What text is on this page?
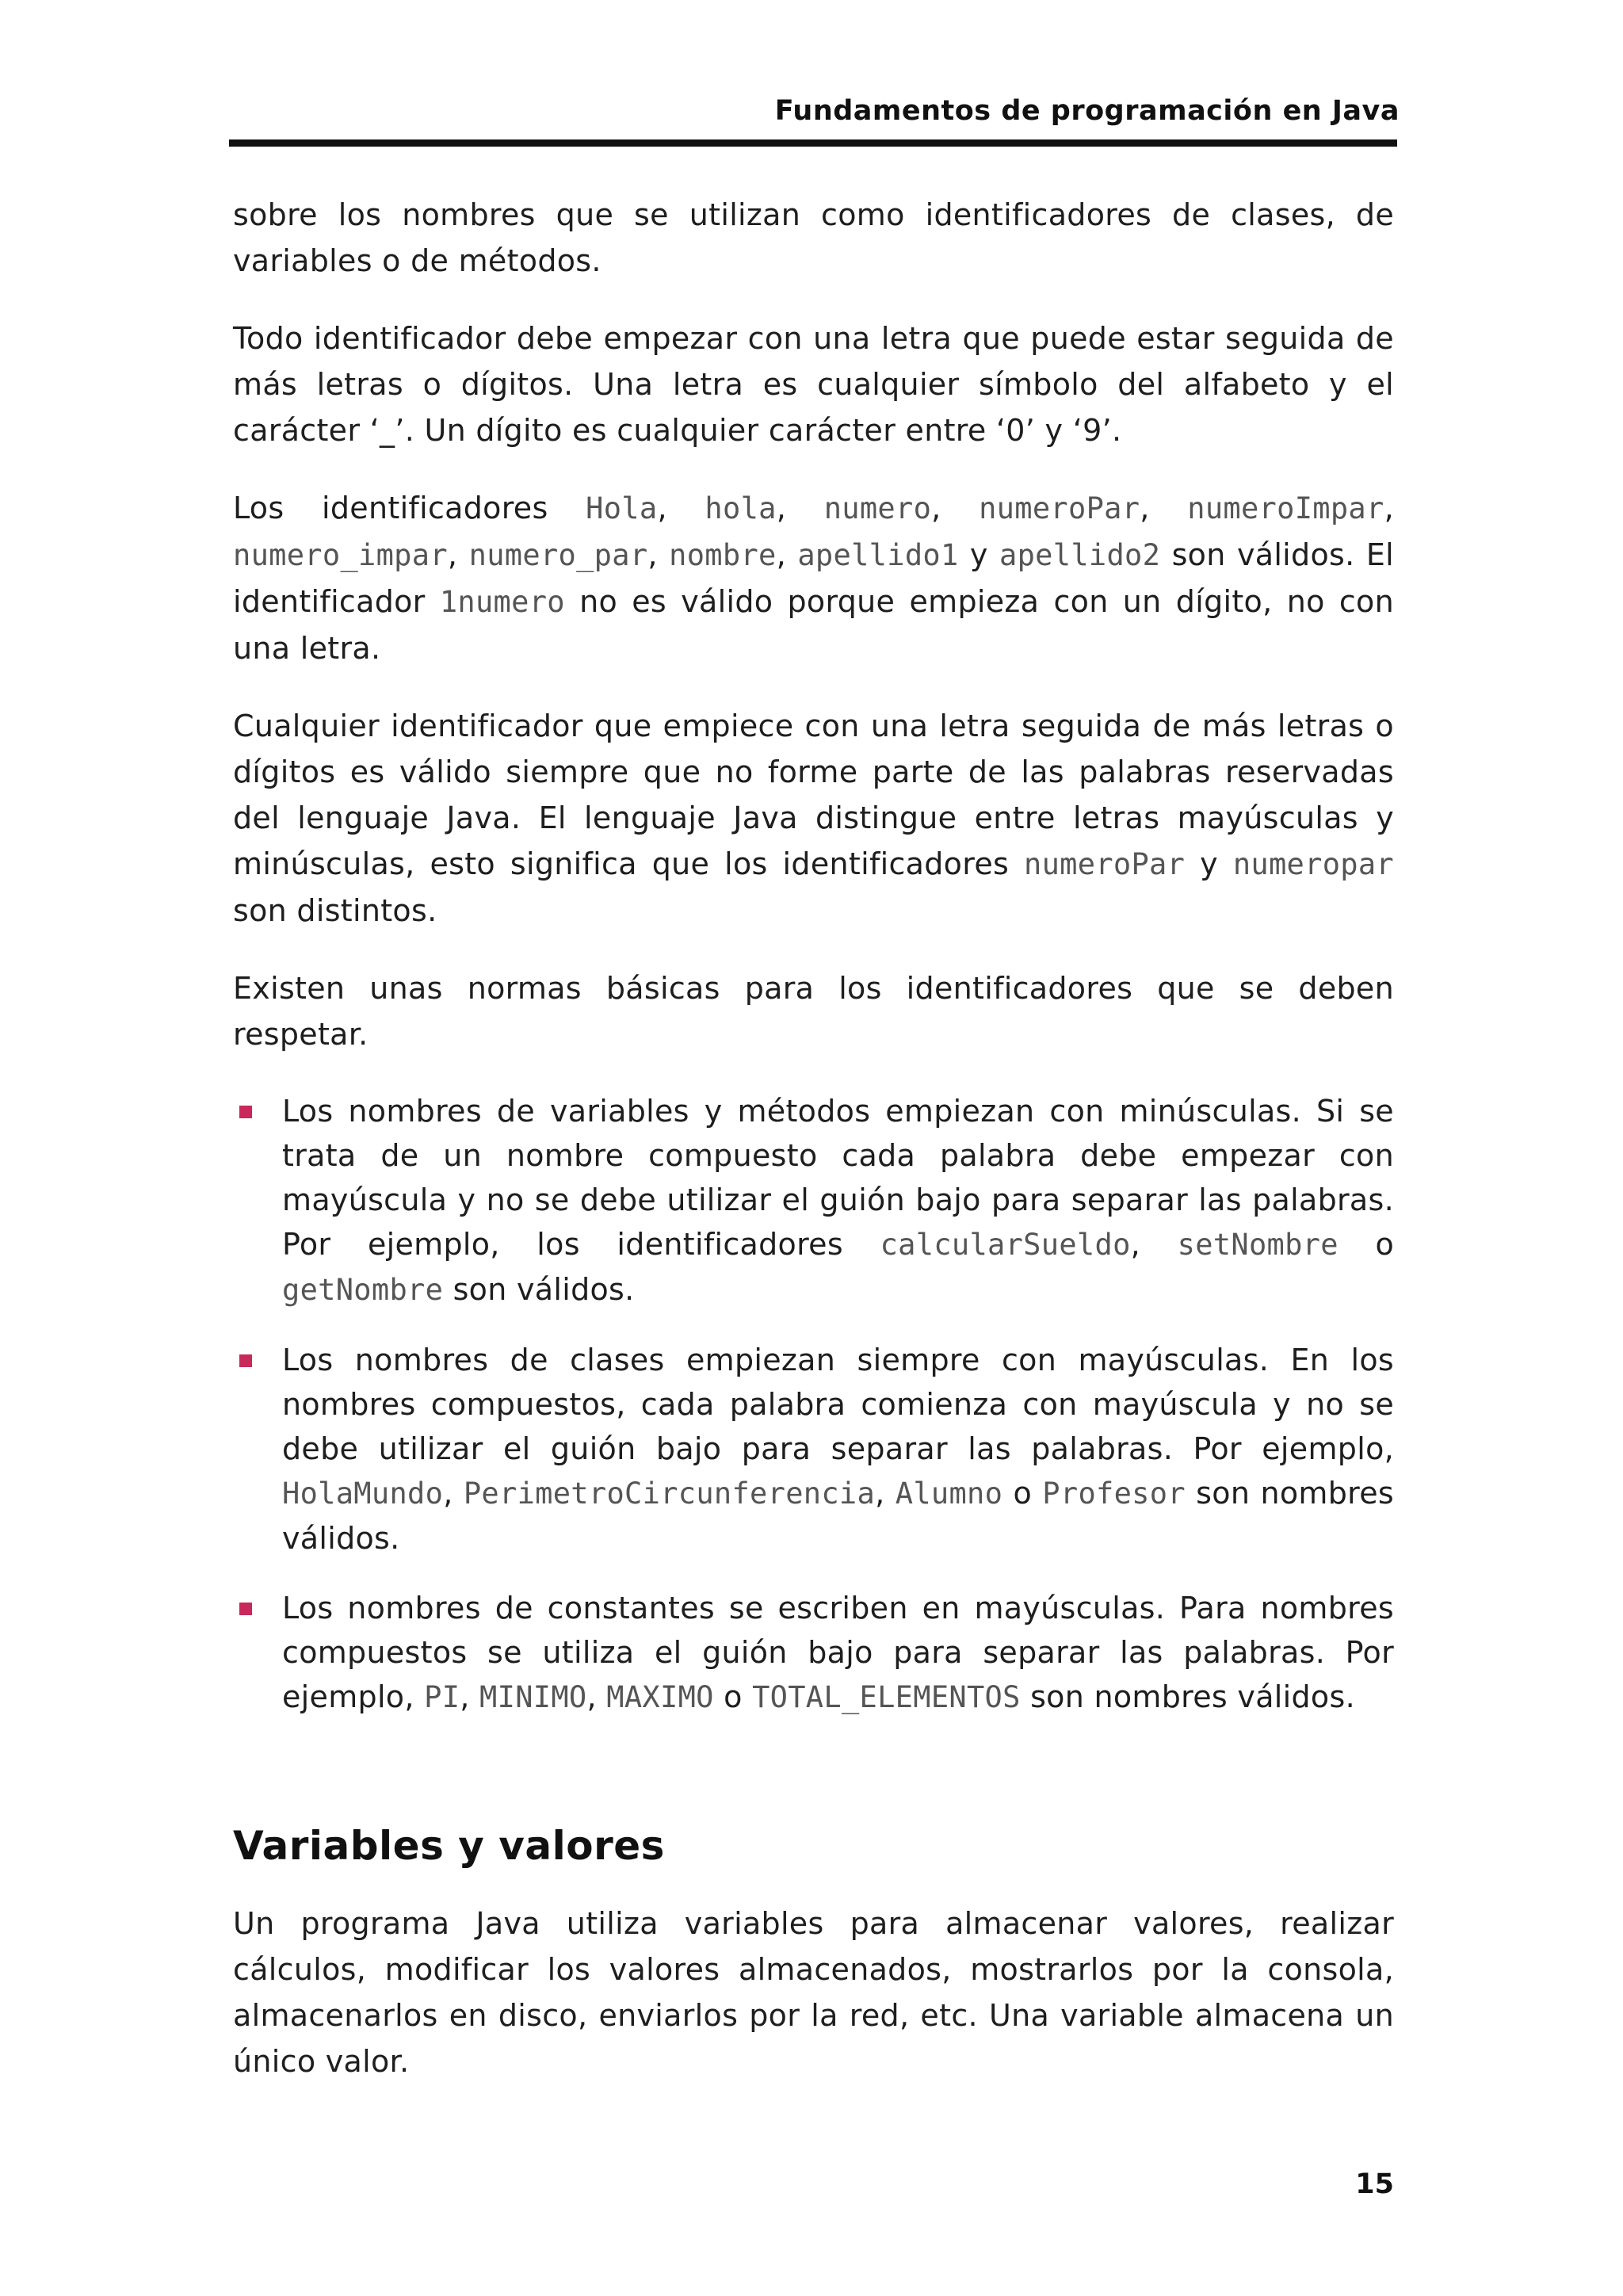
Fundamentos de programación en Java

sobre los nombres que se utilizan como identificadores de clases, de variables o de métodos.

Todo identificador debe empezar con una letra que puede estar seguida de más letras o dígitos. Una letra es cualquier símbolo del alfabeto y el carácter ‘_’. Un dígito es cualquier carácter entre ‘0’ y ‘9’.

Los identificadores Hola, hola, numero, numeroPar, numeroImpar, numero_impar, numero_par, nombre, apellido1 y apellido2 son válidos. El identificador 1numero no es válido porque empieza con un dígito, no con una letra.

Cualquier identificador que empiece con una letra seguida de más letras o dígitos es válido siempre que no forme parte de las palabras reservadas del lenguaje Java. El lenguaje Java distingue entre letras mayúsculas y minúsculas, esto significa que los identificadores numeroPar y numeropar son distintos.

Existen unas normas básicas para los identificadores que se deben respetar.

Los nombres de variables y métodos empiezan con minúsculas. Si se trata de un nombre compuesto cada palabra debe empezar con mayúscula y no se debe utilizar el guión bajo para separar las palabras. Por ejemplo, los identificadores calcularSueldo, setNombre o getNombre son válidos.
Los nombres de clases empiezan siempre con mayúsculas. En los nombres compuestos, cada palabra comienza con mayúscula y no se debe utilizar el guión bajo para separar las palabras. Por ejemplo, HolaMundo, PerimetroCircunferencia, Alumno o Profesor son nombres válidos.
Los nombres de constantes se escriben en mayúsculas. Para nombres compuestos se utiliza el guión bajo para separar las palabras. Por ejemplo, PI, MINIMO, MAXIMO o TOTAL_ELEMENTOS son nombres válidos.
Variables y valores

Un programa Java utiliza variables para almacenar valores, realizar cálculos, modificar los valores almacenados, mostrarlos por la consola, almacenarlos en disco, enviarlos por la red, etc. Una variable almacena un único valor.

15
